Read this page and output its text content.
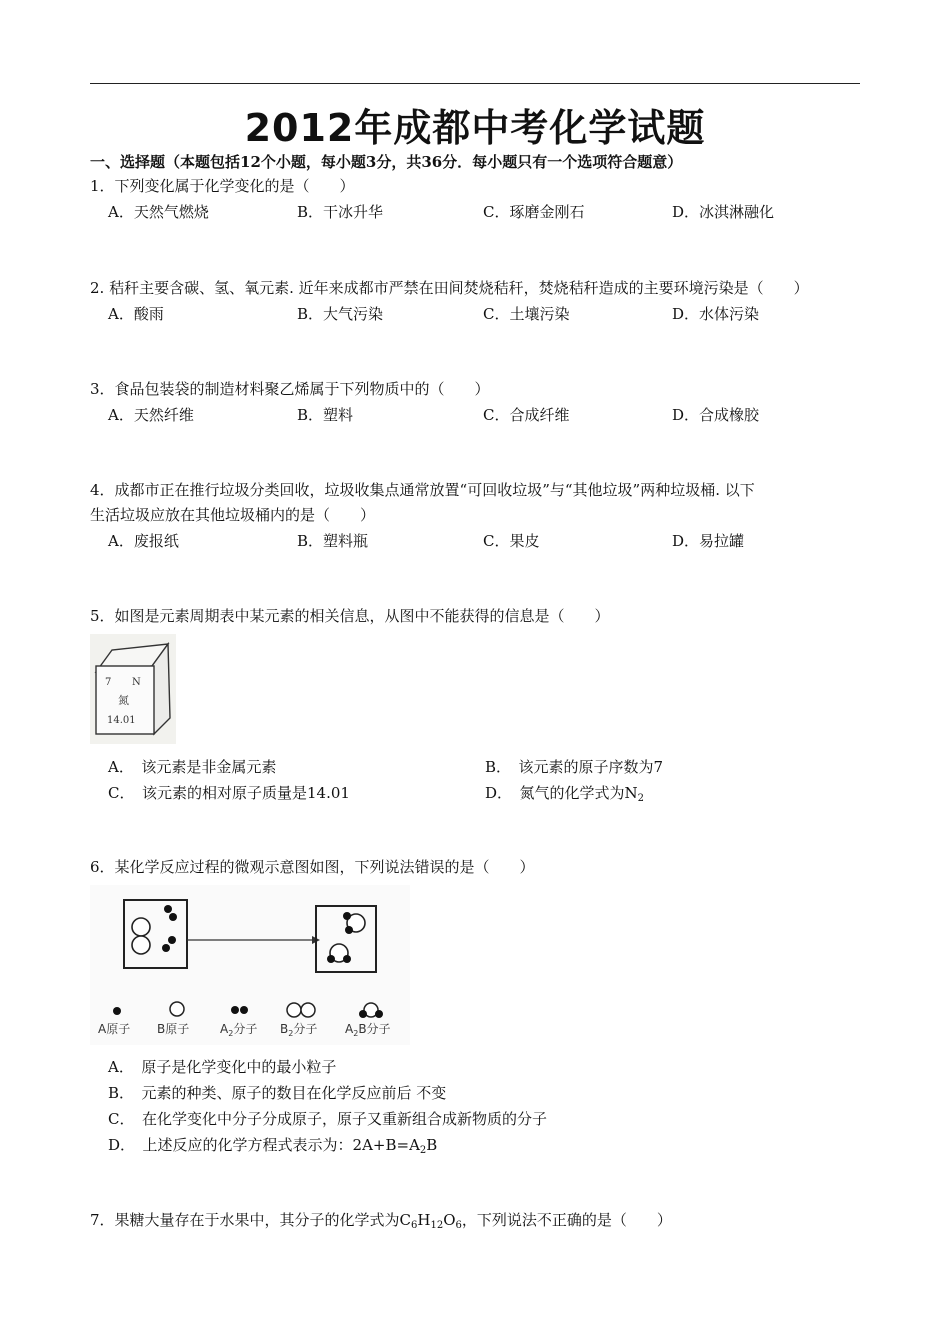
2012年成都中考化学试题
一、选择题（本题包括12个小题，每小题3分，共36分．每小题只有一个选项符合题意）
1．下列变化属于化学变化的是（　　）
A．天然气燃烧	B．干冰升华	C．琢磨金刚石	D．冰淇淋融化
2. 秸秆主要含碳、氢、氧元素. 近年来成都市严禁在田间焚烧秸秆，焚烧秸秆造成的主要环境污染是（　　）
A．酸雨	B．大气污染	C．土壤污染	D．水体污染
3．食品包装袋的制造材料聚乙烯属于下列物质中的（　　）
A．天然纤维	B．塑料	C．合成纤维	D．合成橡胶
4．成都市正在推行垃圾分类回收，垃圾收集点通常放置“可回收垃圾”与“其他垃圾”两种垃圾桶. 以下
生活垃圾应放在其他垃圾桶内的是（　　）
A．废报纸	B．塑料瓶	C．果皮	D．易拉罐
5．如图是元素周期表中某元素的相关信息，从图中不能获得的信息是（　　）
7 N
氮
14.01
A．　该元素是非金属元素	B．　该元素的原子序数为7
C．　该元素的相对原子质量是14.01	D．　氮气的化学式为$N_2$
6．某化学反应过程的微观示意图如图，下列说法错误的是（　　）
A原子 B原子	$A_2$分子 $B_2$分子 $A_2B$分子
A．　原子是化学变化中的最小粒子
B．　元素的种类、原子的数目在化学反应前后 不变
C．　在化学变化中分子分成原子，原子又重新组合成新物质的分子
D．　上述反应的化学方程式表示为：$2A+B=A_2B$
7．果糖大量存在于水果中，其分子的化学式为$C_6H_{12}O_6$，下列说法不正确的是（　　）
